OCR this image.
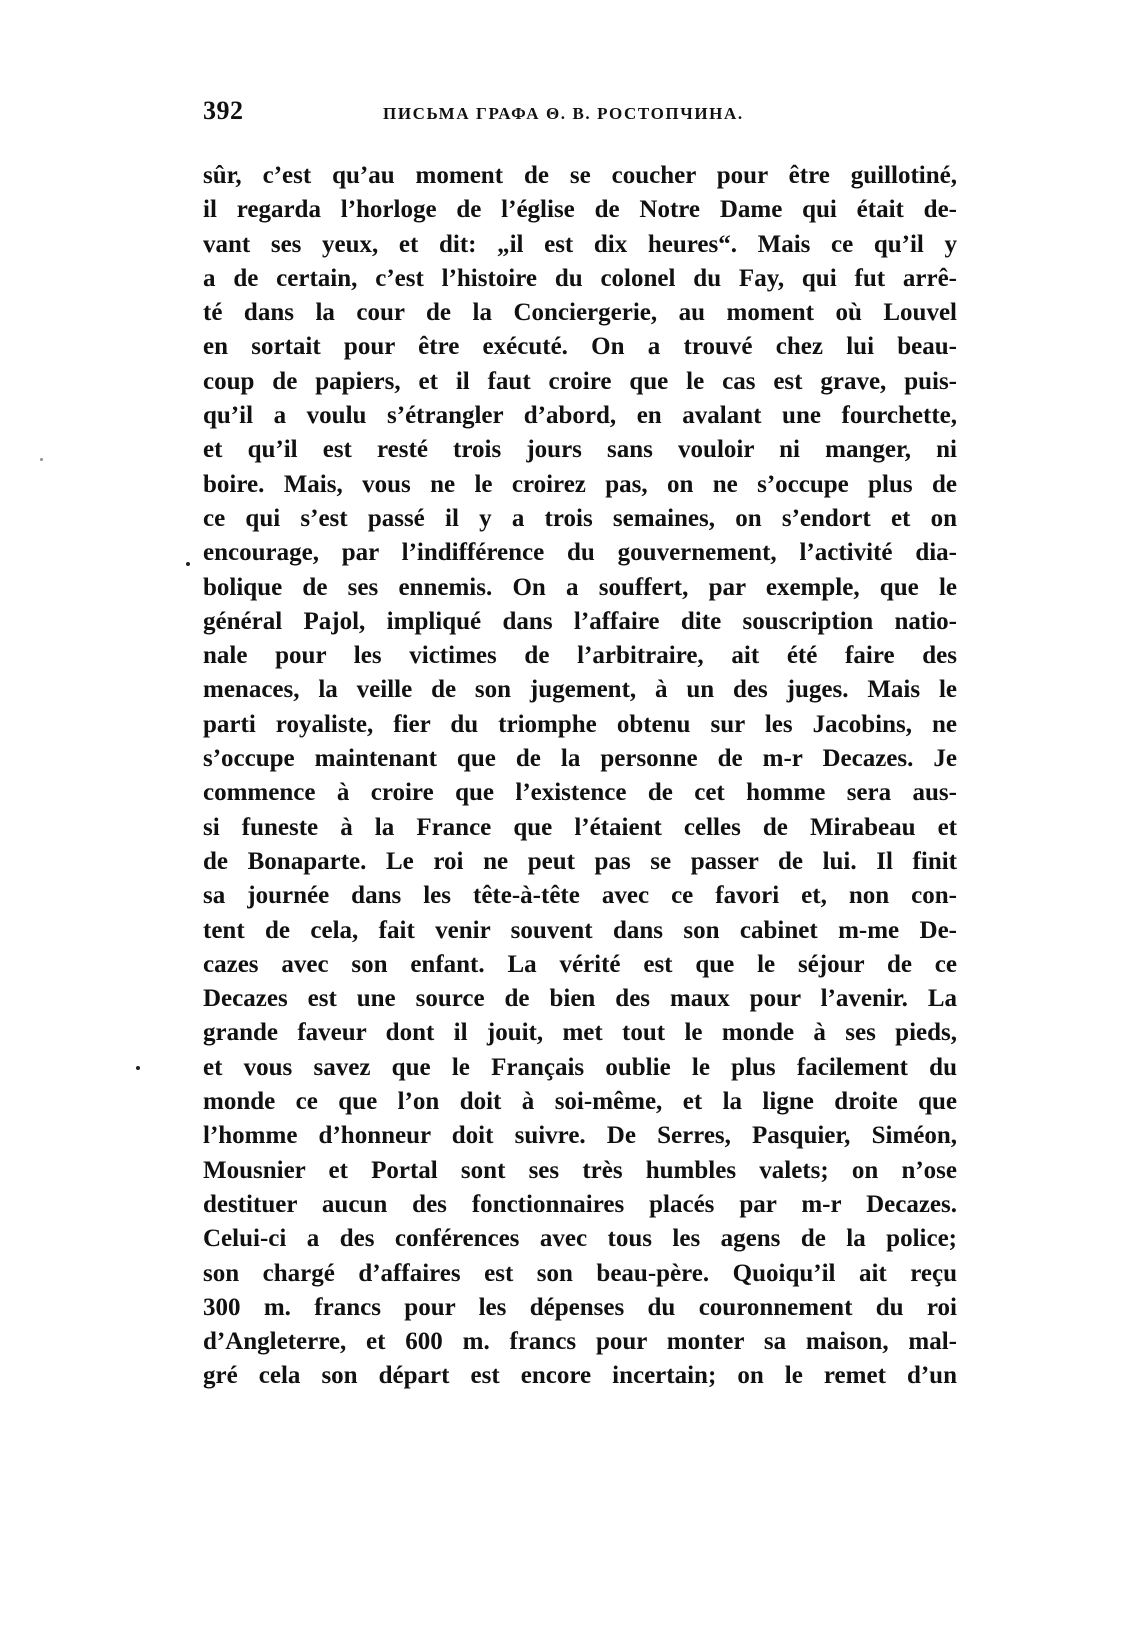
392	ПИСЬМА ГРАФА Θ. В. РОСТОПЧИНА.
sûr, c’est qu’au moment de se coucher pour être guillotiné,
il regarda l’horloge de l’église de Notre Dame qui était de-
vant ses yeux, et dit: „il est dix heures“. Mais ce qu’il y
a de certain, c’est l’histoire du colonel du Fay, qui fut arrê-
té dans la cour de la Conciergerie, au moment où Louvel
en sortait pour être exécuté. On a trouvé chez lui beau-
coup de papiers, et il faut croire que le cas est grave, puis-
qu’il a voulu s’étrangler d’abord, en avalant une fourchette,
et qu’il est resté trois jours sans vouloir ni manger, ni
boire. Mais, vous ne le croirez pas, on ne s’occupe plus de
ce qui s’est passé il y a trois semaines, on s’endort et on
encourage, par l’indifférence du gouvernement, l’activité dia-
bolique de ses ennemis. On a souffert, par exemple, que le
général Pajol, impliqué dans l’affaire dite souscription natio-
nale pour les victimes de l’arbitraire, ait été faire des
menaces, la veille de son jugement, à un des juges. Mais le
parti royaliste, fier du triomphe obtenu sur les Jacobins, ne
s’occupe maintenant que de la personne de m-r Decazes. Je
commence à croire que l’existence de cet homme sera aus-
si funeste à la France que l’étaient celles de Mirabeau et
de Bonaparte. Le roi ne peut pas se passer de lui. Il finit
sa journée dans les tête-à-tête avec ce favori et, non con-
tent de cela, fait venir souvent dans son cabinet m-me De-
cazes avec son enfant. La vérité est que le séjour de ce
Decazes est une source de bien des maux pour l’avenir. La
grande faveur dont il jouit, met tout le monde à ses pieds,
et vous savez que le Français oublie le plus facilement du
monde ce que l’on doit à soi-même, et la ligne droite que
l’homme d’honneur doit suivre. De Serres, Pasquier, Siméon,
Mousnier et Portal sont ses très humbles valets; on n’ose
destituer aucun des fonctionnaires placés par m-r Decazes.
Celui-ci a des conférences avec tous les agens de la police;
son chargé d’affaires est son beau-père. Quoiqu’il ait reçu
300 m. francs pour les dépenses du couronnement du roi
d’Angleterre, et 600 m. francs pour monter sa maison, mal-
gré cela son départ est encore incertain; on le remet d’un
